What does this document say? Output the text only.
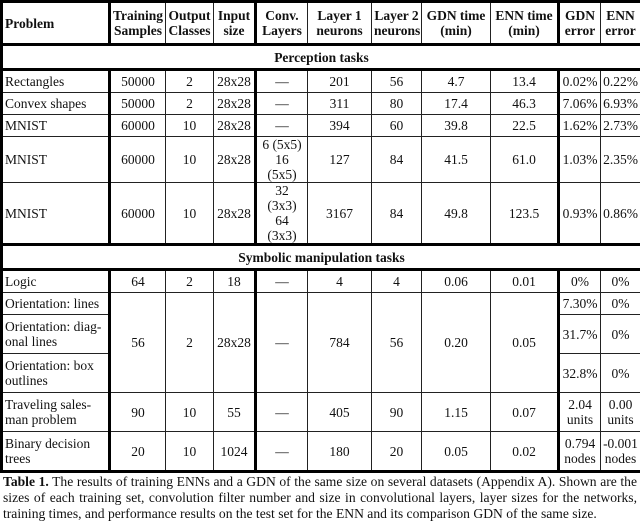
Problem	Training Samples	Output Classes	Input size	Conv. Layers	Layer 1 neurons	Layer 2 neurons	GDN time (min)	ENN time (min)	GDN error	ENN error
Perception tasks										
Rectangles	50000	2	28x28	—	201	56	4.7	13.4	0.02%	0.22%
Convex shapes	50000	2	28x28	—	311	80	17.4	46.3	7.06%	6.93%
MNIST	60000	10	28x28	—	394	60	39.8	22.5	1.62%	2.73%
MNIST	60000	10	28x28	6 (5x5) 16 (5x5)	127	84	41.5	61.0	1.03%	2.35%
MNIST	60000	10	28x28	32 (3x3) 64 (3x3)	3167	84	49.8	123.5	0.93%	0.86%
Symbolic manipulation tasks										
Logic	64	2	18	—	4	4	0.06	0.01	0%	0%
Orientation: lines	56	2	28x28	—	784	56	0.20	0.05	7.30%	0%
Orientation: diag-onal lines									31.7%	0%
Orientation: box outlines									32.8%	0%
Traveling sales-man problem	90	10	55	—	405	90	1.15	0.07	2.04 units	0.00 units
Binary decision trees	20	10	1024	—	180	20	0.05	0.02	0.794 nodes	-0.001 nodes
Table 1. The results of training ENNs and a GDN of the same size on several datasets (Appendix A). Shown are the sizes of each training set, convolution filter number and size in convolutional layers, layer sizes for the networks, training times, and performance results on the test set for the ENN and its comparison GDN of the same size.
